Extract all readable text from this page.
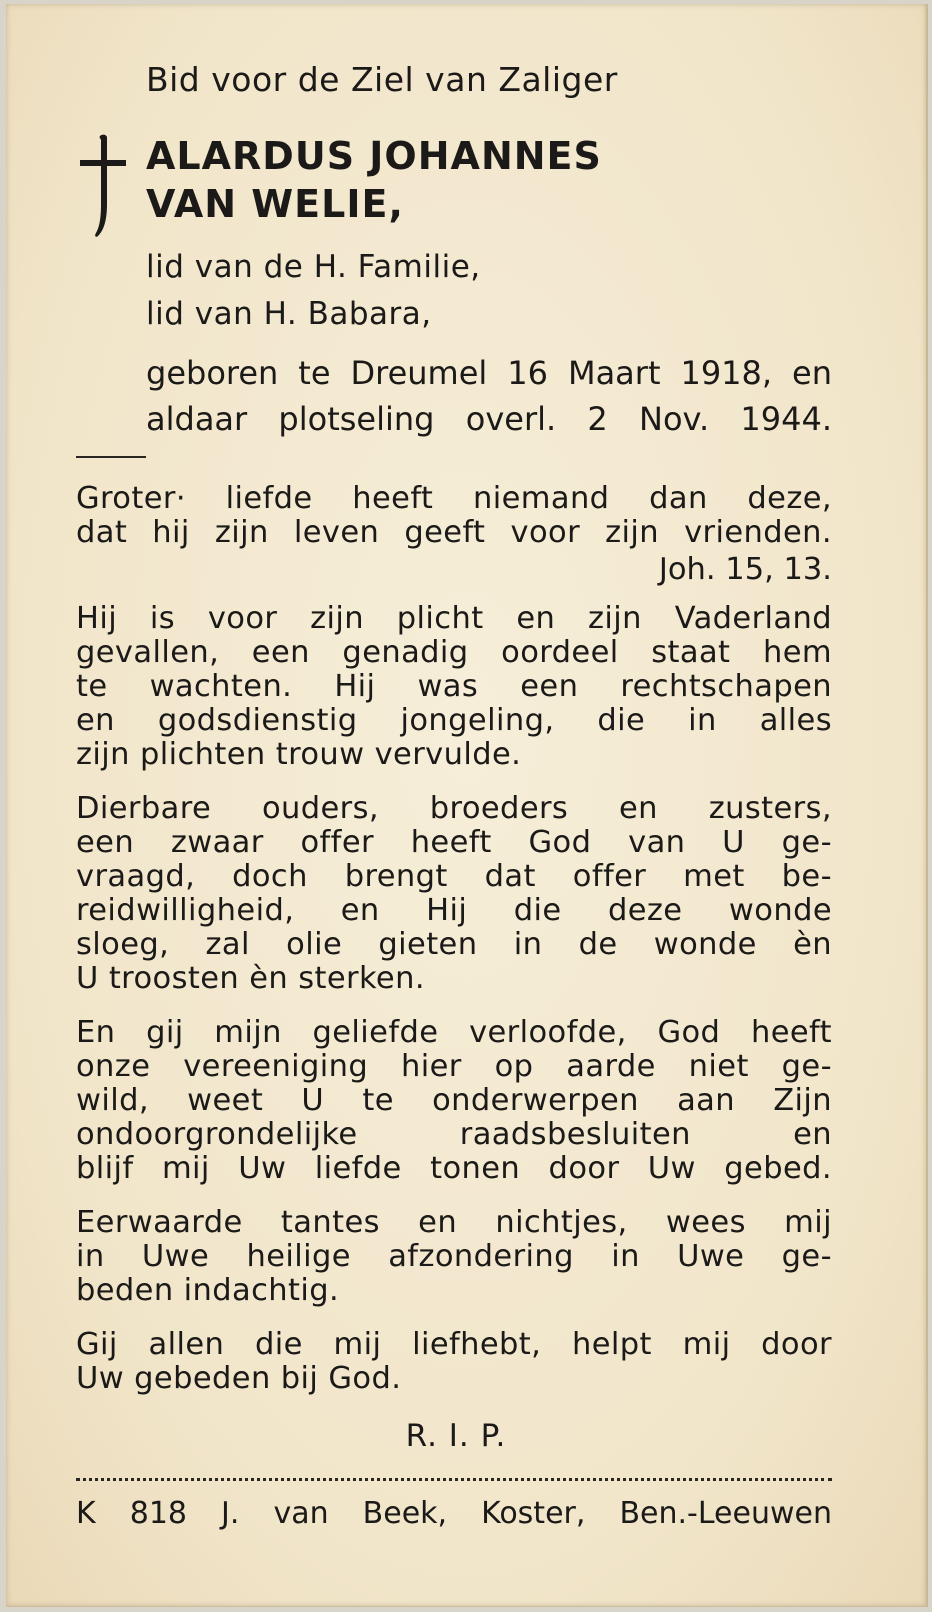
Bid voor de Ziel van Zaliger

ALARDUS JOHANNES

VAN WELIE,

lid van de H. Familie,

lid van H. Babara,

geboren te Dreumel 16 Maart 1918, en

aldaar plotseling overl. 2 Nov. 1944.

Groter· liefde heeft niemand dan deze,

dat hij zijn leven geeft voor zijn vrienden.

Joh. 15, 13.

Hij is voor zijn plicht en zijn Vaderland

gevallen, een genadig oordeel staat hem

te wachten. Hij was een rechtschapen

en godsdienstig jongeling, die in alles

zijn plichten trouw vervulde.

Dierbare ouders, broeders en zusters,

een zwaar offer heeft God van U ge-

vraagd, doch brengt dat offer met be-

reidwilligheid, en Hij die deze wonde

sloeg, zal olie gieten in de wonde èn

U troosten èn sterken.

En gij mijn geliefde verloofde, God heeft

onze vereeniging hier op aarde niet ge-

wild, weet U te onderwerpen aan Zijn

ondoorgrondelijke raadsbesluiten en

blijf mij Uw liefde tonen door Uw gebed.

Eerwaarde tantes en nichtjes, wees mij

in Uwe heilige afzondering in Uwe ge-

beden indachtig.

Gij allen die mij liefhebt, helpt mij door

Uw gebeden bij God.

R. I. P.

K 818 J. van Beek, Koster, Ben.-Leeuwen
